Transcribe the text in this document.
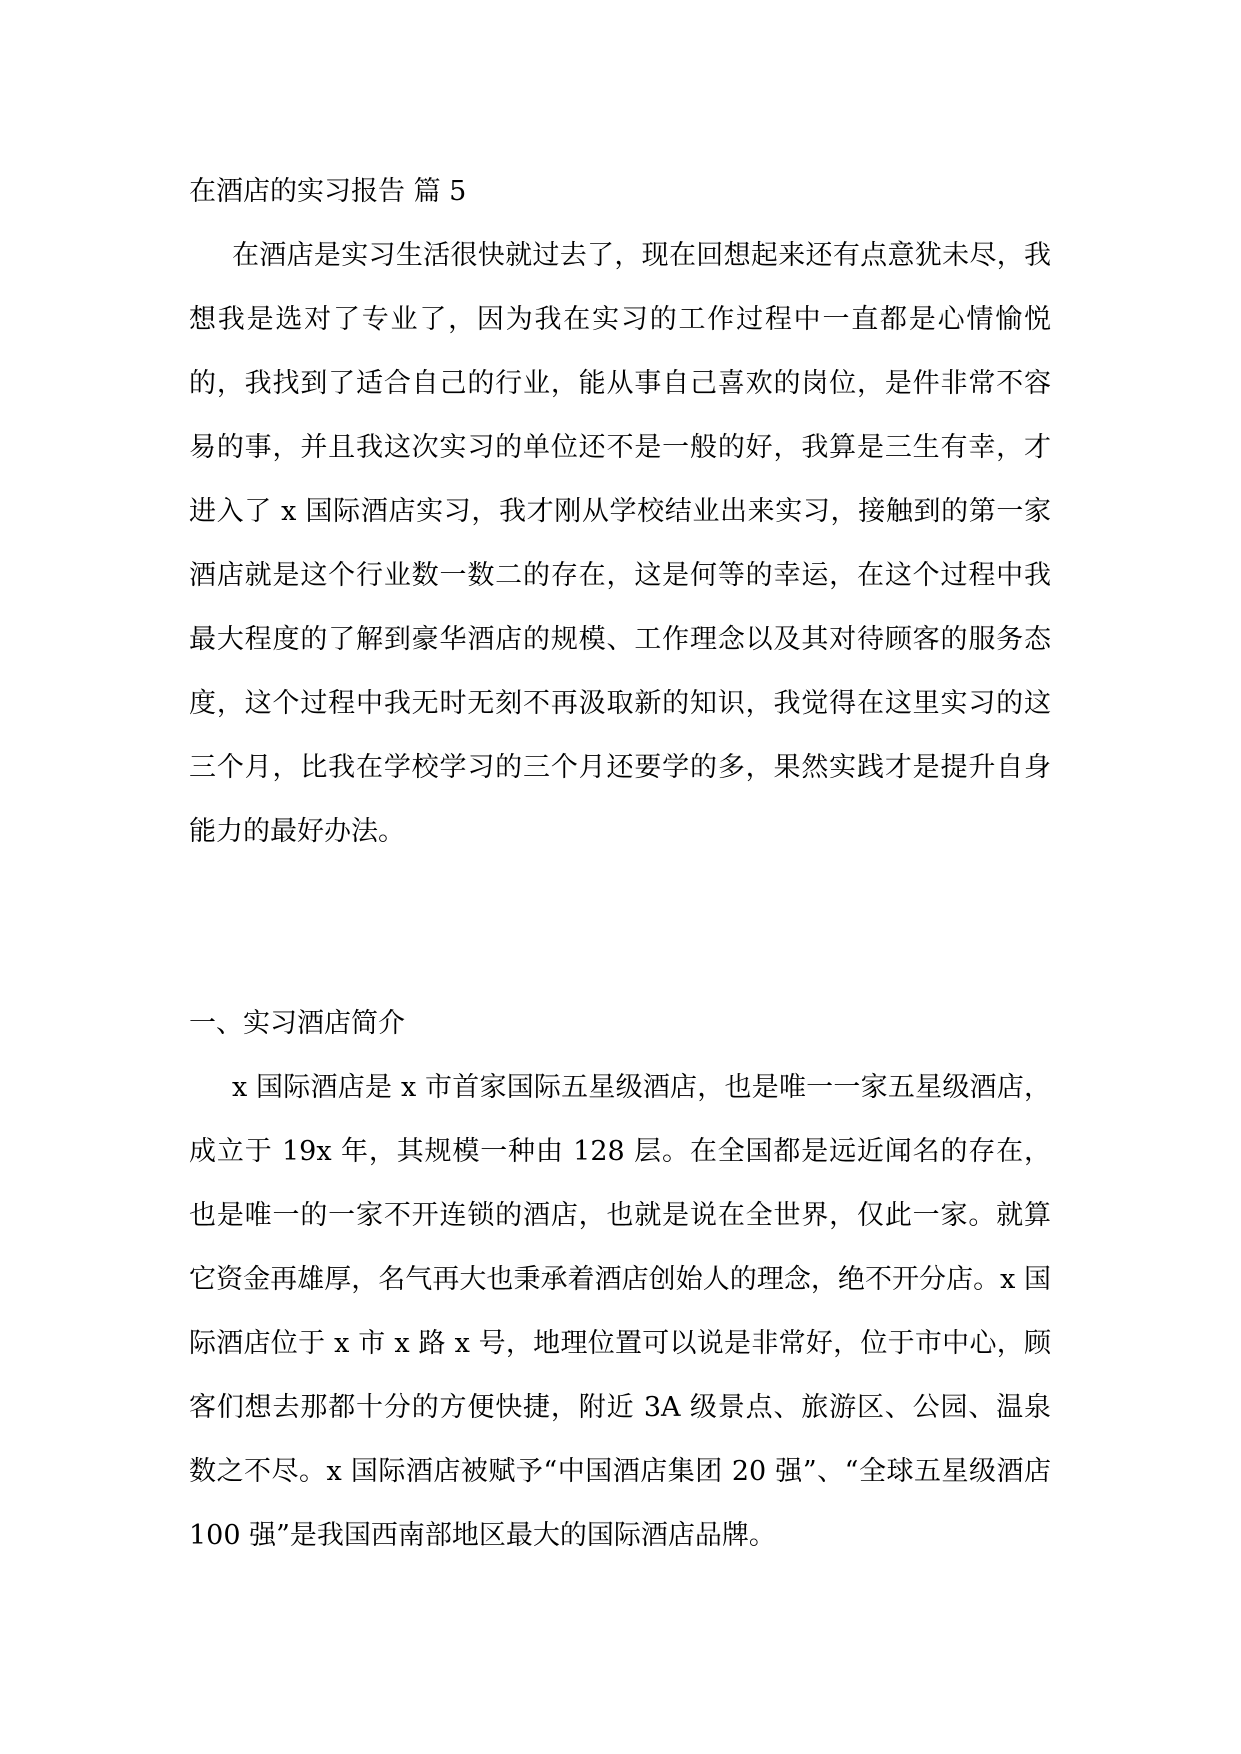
在酒店的实习报告 篇 5

在酒店是实习生活很快就过去了，现在回想起来还有点意犹未尽，我想我是选对了专业了，因为我在实习的工作过程中一直都是心情愉悦的，我找到了适合自己的行业，能从事自己喜欢的岗位，是件非常不容易的事，并且我这次实习的单位还不是一般的好，我算是三生有幸，才进入了 x 国际酒店实习，我才刚从学校结业出来实习，接触到的第一家酒店就是这个行业数一数二的存在，这是何等的幸运，在这个过程中我最大程度的了解到豪华酒店的规模、工作理念以及其对待顾客的服务态度，这个过程中我无时无刻不再汲取新的知识，我觉得在这里实习的这三个月，比我在学校学习的三个月还要学的多，果然实践才是提升自身能力的最好办法。

一、实习酒店简介

x 国际酒店是 x 市首家国际五星级酒店，也是唯一一家五星级酒店，成立于 19x 年，其规模一种由 128 层。在全国都是远近闻名的存在，也是唯一的一家不开连锁的酒店，也就是说在全世界，仅此一家。就算它资金再雄厚，名气再大也秉承着酒店创始人的理念，绝不开分店。x 国际酒店位于 x 市 x 路 x 号，地理位置可以说是非常好，位于市中心，顾客们想去那都十分的方便快捷，附近 3A 级景点、旅游区、公园、温泉数之不尽。x 国际酒店被赋予“中国酒店集团 20 强”、“全球五星级酒店 100 强”是我国西南部地区最大的国际酒店品牌。
